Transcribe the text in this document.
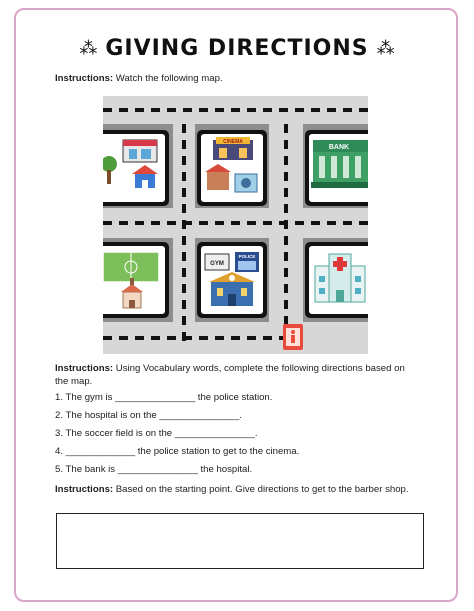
⁂ GIVING DIRECTIONS ⁂
Instructions: Watch the following map.
CINEMA
BANK
GYM
POLICE
Instructions: Using Vocabulary words, complete the following directions based on the map.
1. The gym is _______________ the police station.
2. The hospital is on the _______________.
3. The soccer field is on the _______________.
4. _____________ the police station to get to the cinema.
5. The bank is _______________ the hospital.
Instructions: Based on the starting point. Give directions to get to the barber shop.
